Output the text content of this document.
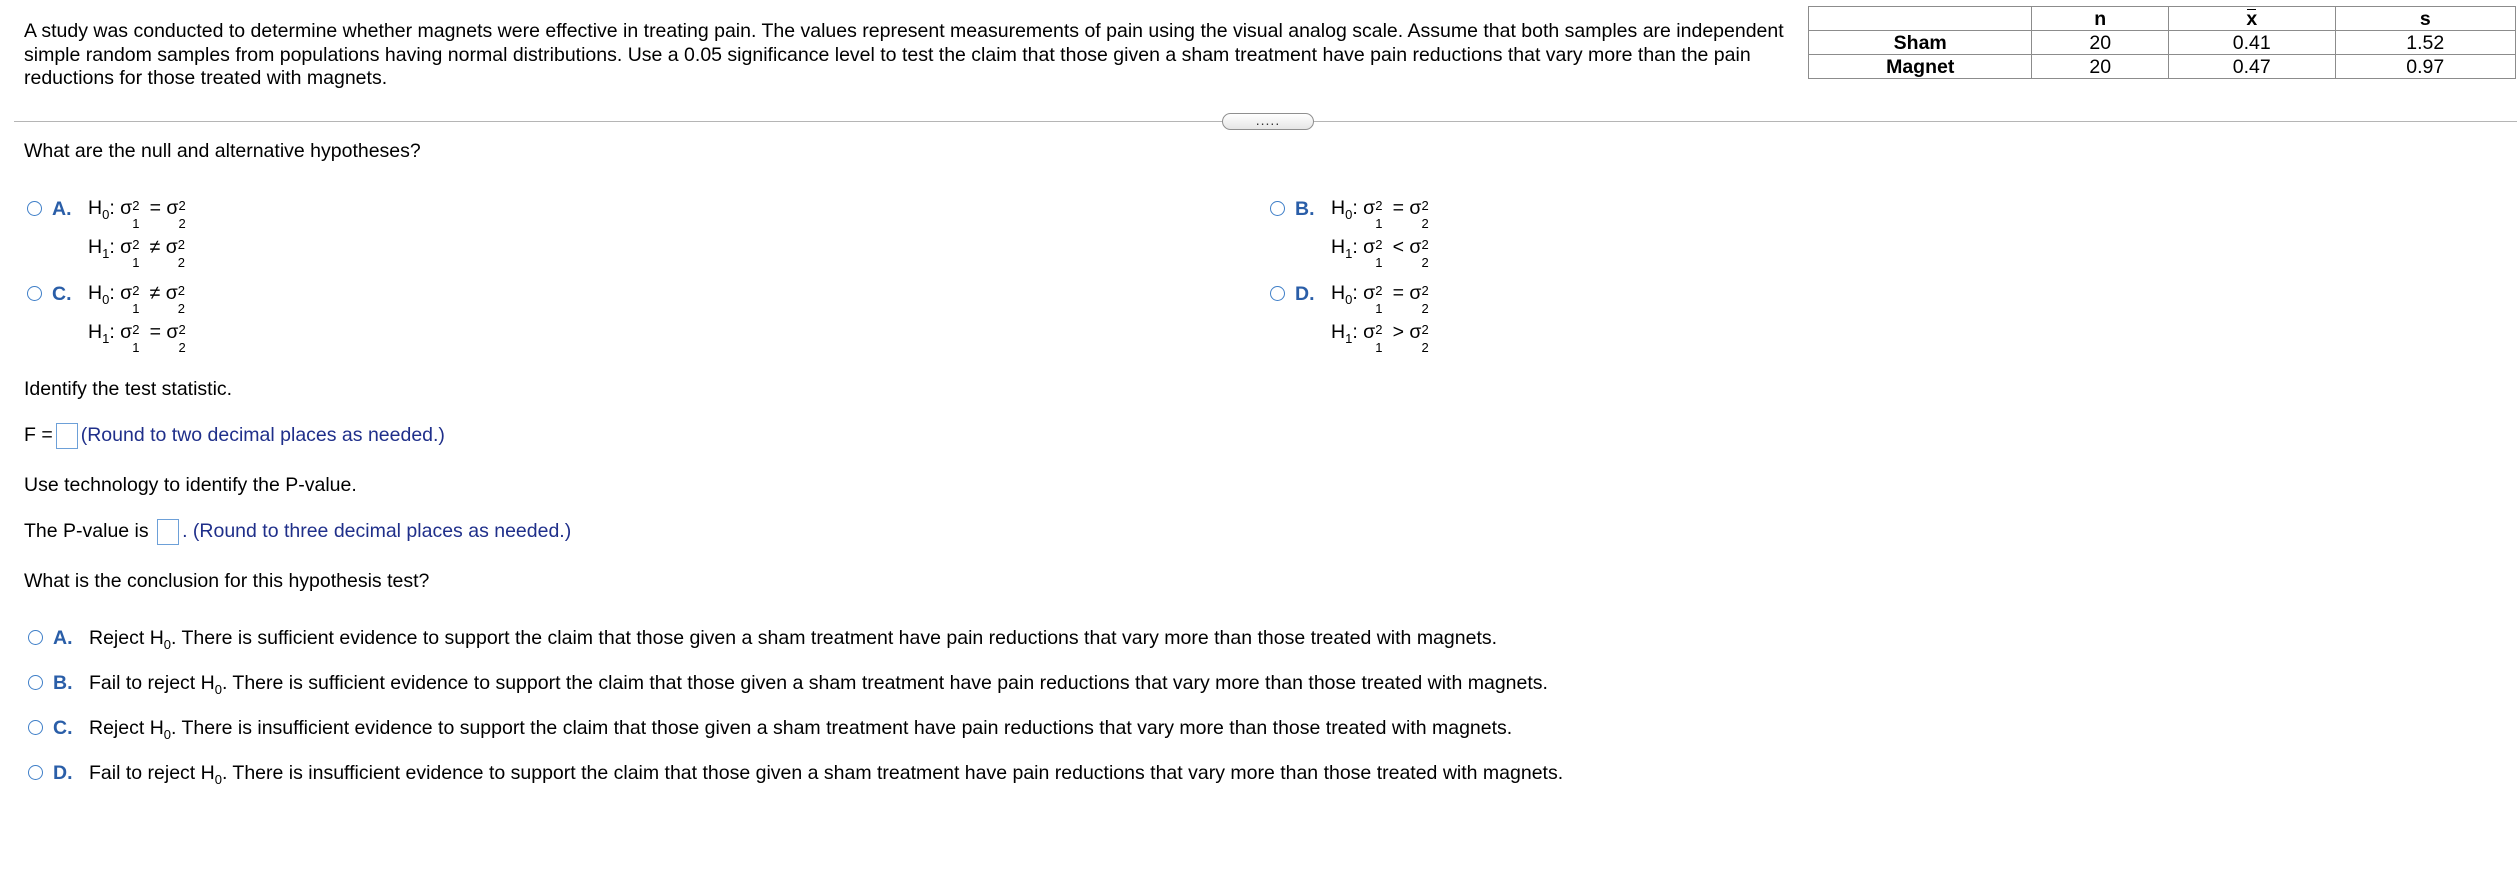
A study was conducted to determine whether magnets were effective in treating pain. The values represent measurements of pain using the visual analog scale. Assume that both samples are independent simple random samples from populations having normal distributions. Use a 0.05 significance level to test the claim that those given a sham treatment have pain reductions that vary more than the pain reductions for those treated with magnets.
	n	x	s
Sham	20	0.41	1.52
Magnet	20	0.47	0.97
.....
What are the null and alternative hypotheses?
A. $H_0$: σ 2
1
= σ 2
2
$H_1$: σ 2
1
≠ σ 2
2
B. $H_0$: σ 2
1
= σ 2
2
$H_1$: σ 2
1
< σ 2
2
C. $H_0$: σ 2
1
≠ σ 2
2
$H_1$: σ 2
1
= σ 2
2
D. $H_0$: σ 2
1
= σ 2
2
$H_1$: σ 2
1
> σ 2
2
Identify the test statistic.
F = (Round to two decimal places as needed.)
Use technology to identify the P-value.
The P-value is . (Round to three decimal places as needed.)
What is the conclusion for this hypothesis test?
A. Reject $H_0$. There is sufficient evidence to support the claim that those given a sham treatment have pain reductions that vary more than those treated with magnets.
B. Fail to reject $H_0$. There is sufficient evidence to support the claim that those given a sham treatment have pain reductions that vary more than those treated with magnets.
C. Reject $H_0$. There is insufficient evidence to support the claim that those given a sham treatment have pain reductions that vary more than those treated with magnets.
D. Fail to reject $H_0$. There is insufficient evidence to support the claim that those given a sham treatment have pain reductions that vary more than those treated with magnets.
